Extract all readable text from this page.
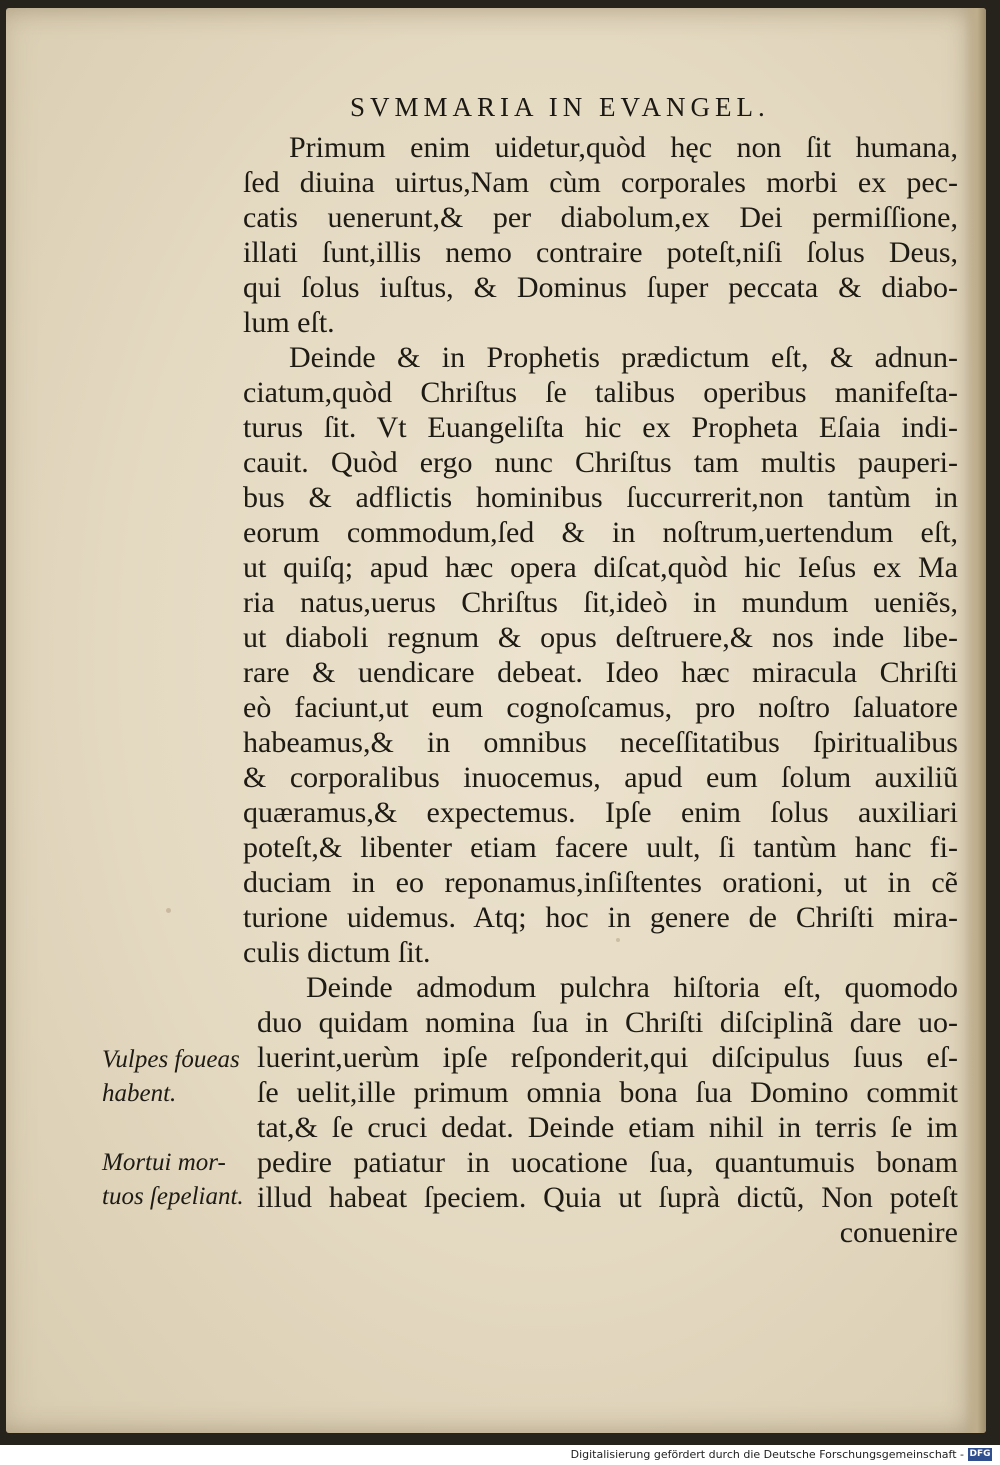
SVMMARIA IN EVANGEL.
Primum enim uidetur,quòd hęc non ſit humana,
ſed diuina uirtus,Nam cùm corporales morbi ex pec-
catis uenerunt,& per diabolum,ex Dei permiſſione,
illati ſunt,illis nemo contraire poteſt,niſi ſolus Deus,
qui ſolus iuſtus, & Dominus ſuper peccata & diabo-
lum eſt.
Deinde & in Prophetis prædictum eſt, & adnun-
ciatum,quòd Chriſtus ſe talibus operibus manifeſta-
turus ſit. Vt Euangeliſta hic ex Propheta Eſaia indi-
cauit. Quòd ergo nunc Chriſtus tam multis pauperi-
bus & adflictis hominibus ſuccurrerit,non tantùm in
eorum commodum,ſed & in noſtrum,uertendum eſt,
ut quiſq; apud hæc opera diſcat,quòd hic Ieſus ex Ma
ria natus,uerus Chriſtus ſit,ideò in mundum ueniẽs,
ut diaboli regnum & opus deſtruere,& nos inde libe-
rare & uendicare debeat. Ideo hæc miracula Chriſti
eò faciunt,ut eum cognoſcamus, pro noſtro ſaluatore
habeamus,& in omnibus neceſſitatibus ſpiritualibus
& corporalibus inuocemus, apud eum ſolum auxiliũ
quæramus,& expectemus. Ipſe enim ſolus auxiliari
poteſt,& libenter etiam facere uult, ſi tantùm hanc fi-
duciam in eo reponamus,inſiſtentes orationi, ut in cẽ
turione uidemus. Atq; hoc in genere de Chriſti mira-
culis dictum ſit.
Deinde admodum pulchra hiſtoria eſt, quomodo
duo quidam nomina ſua in Chriſti diſciplinã dare uo-
luerint,uerùm ipſe reſponderit,qui diſcipulus ſuus eſ-
ſe uelit,ille primum omnia bona ſua Domino commit
tat,& ſe cruci dedat. Deinde etiam nihil in terris ſe im
pedire patiatur in uocatione ſua, quantumuis bonam
illud habeat ſpeciem. Quia ut ſuprà dictũ, Non poteſt
conuenire
Vulpes foueas
habent.
Mortui mor-
tuos ſepeliant.
Digitalisierung gefördert durch die Deutsche Forschungsgemeinschaft - DFG
